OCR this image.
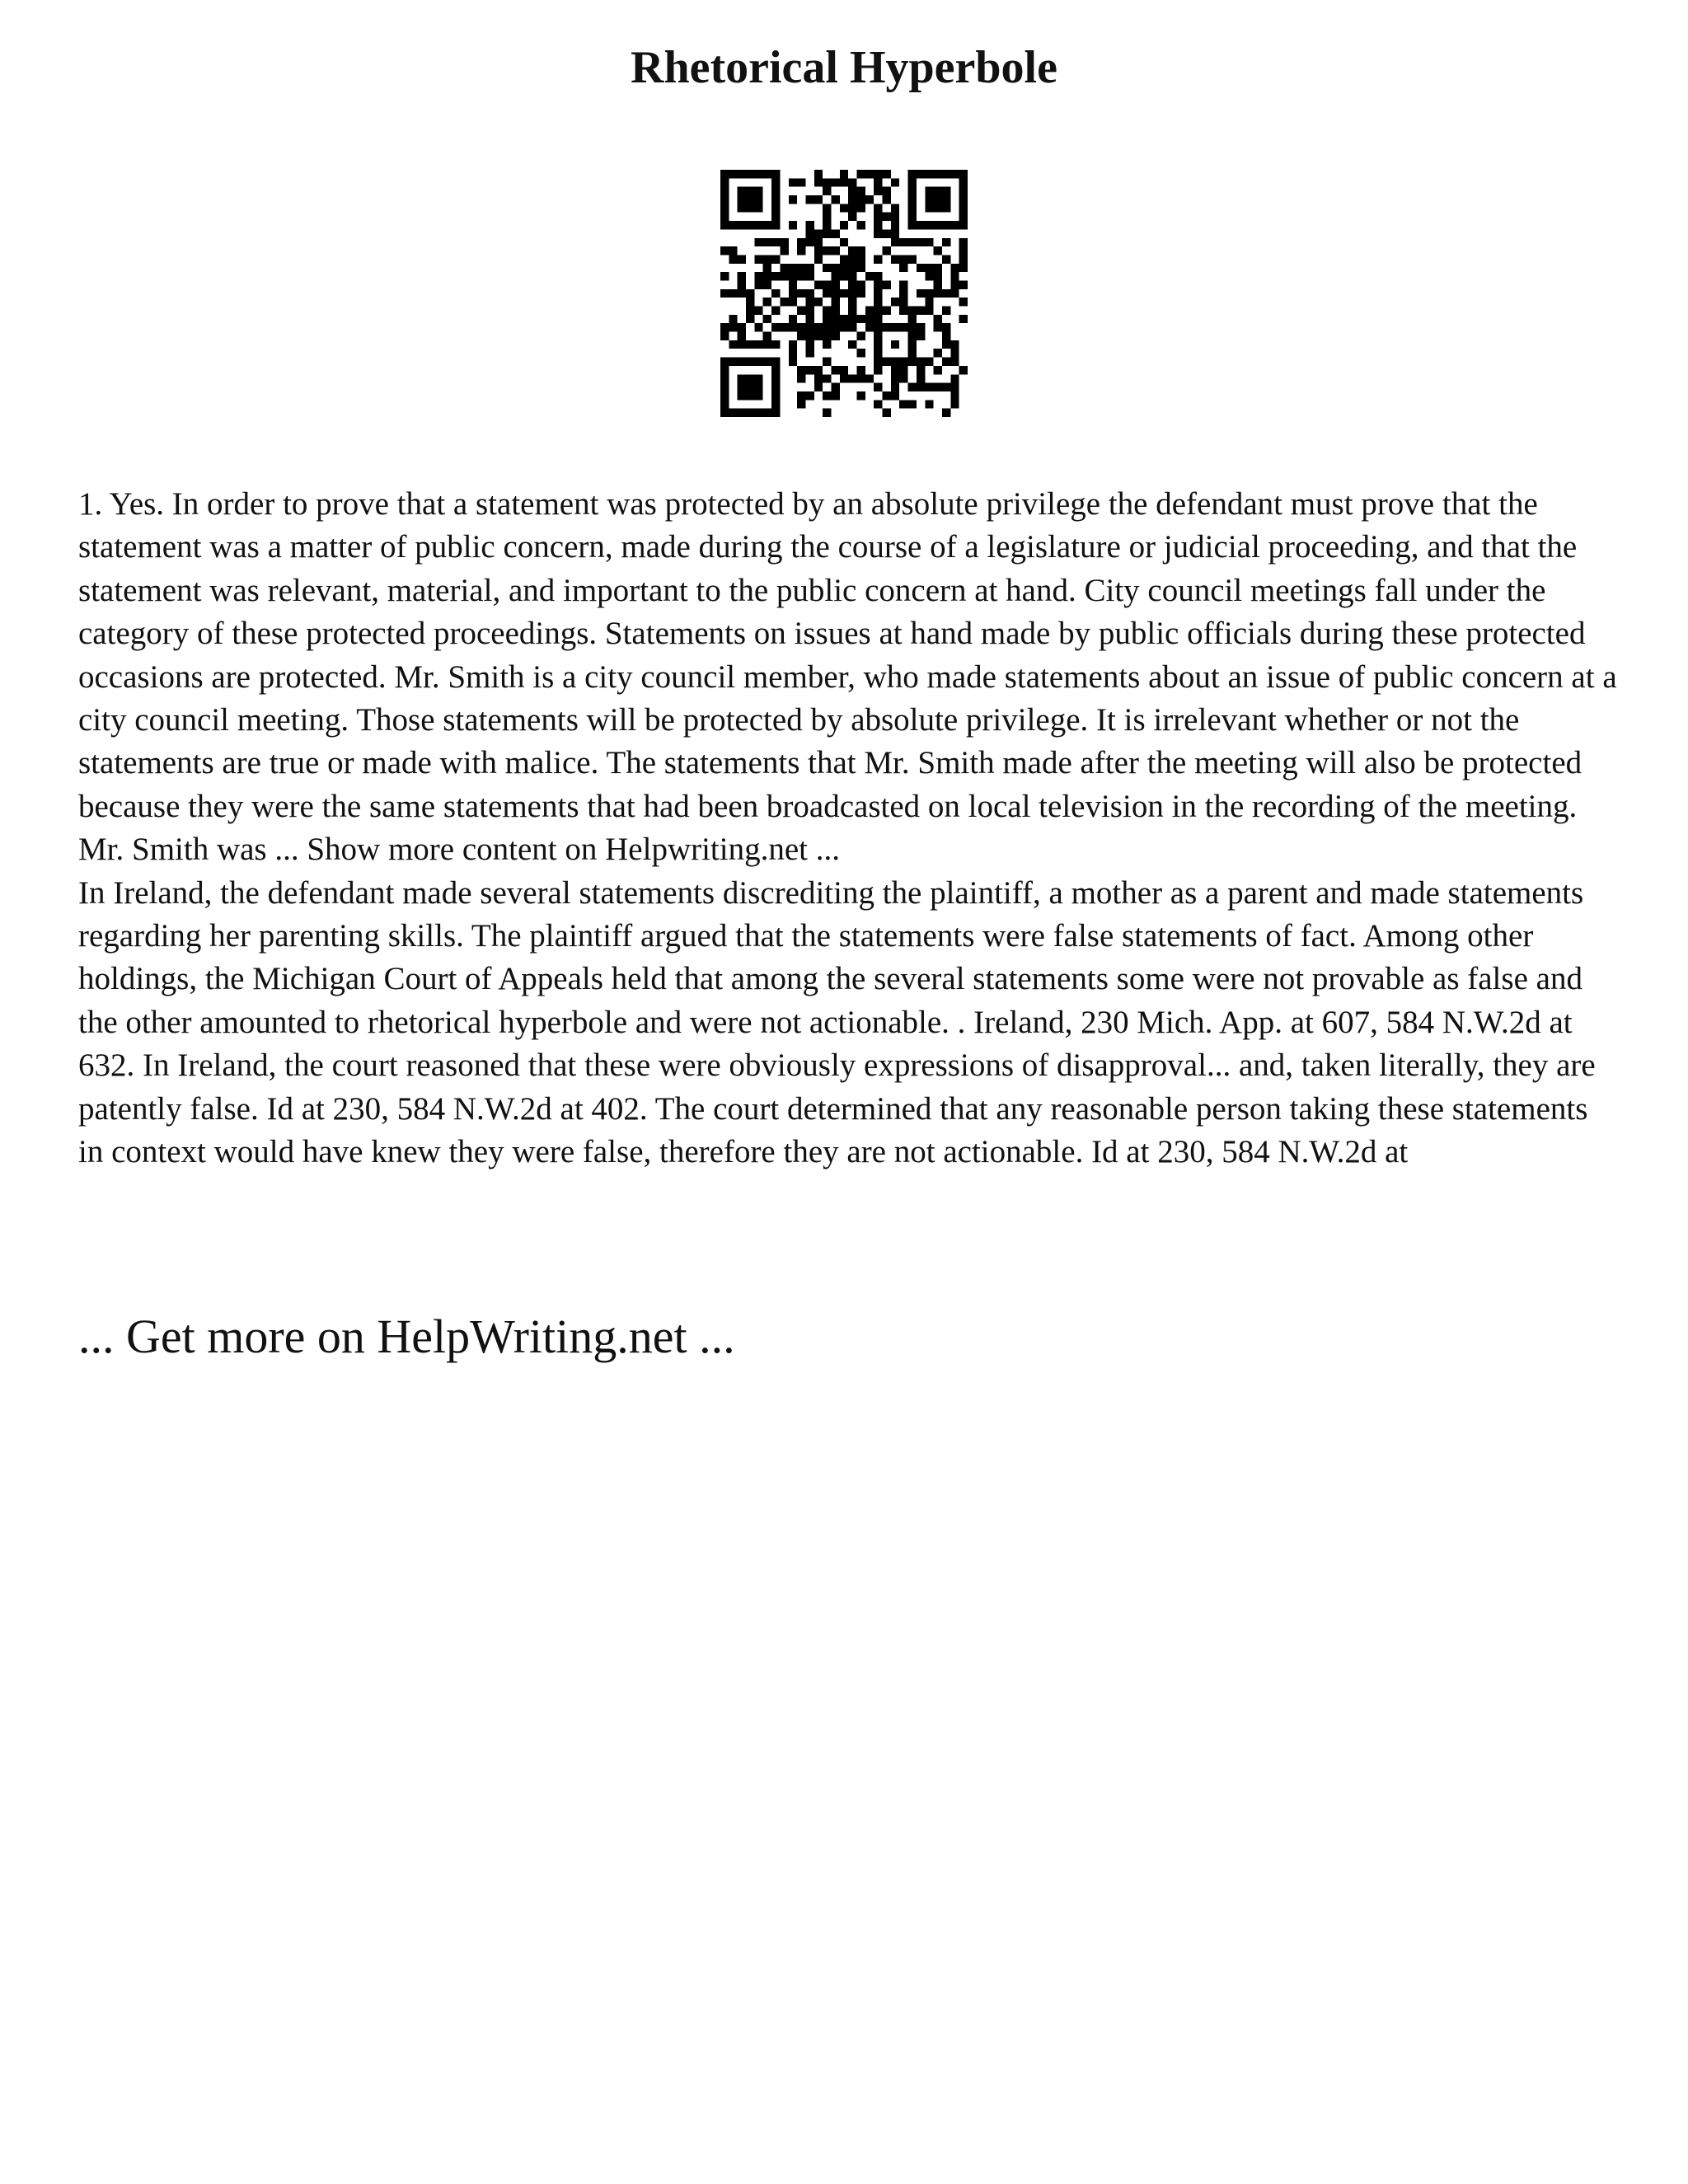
Rhetorical Hyperbole

1. Yes. In order to prove that a statement was protected by an absolute privilege the defendant must prove that the statement was a matter of public concern, made during the course of a legislature or judicial proceeding, and that the statement was relevant, material, and important to the public concern at hand. City council meetings fall under the category of these protected proceedings. Statements on issues at hand made by public officials during these protected occasions are protected. Mr. Smith is a city council member, who made statements about an issue of public concern at a city council meeting. Those statements will be protected by absolute privilege. It is irrelevant whether or not the statements are true or made with malice. The statements that Mr. Smith made after the meeting will also be protected because they were the same statements that had been broadcasted on local television in the recording of the meeting. Mr. Smith was ... Show more content on Helpwriting.net ...
In Ireland, the defendant made several statements discrediting the plaintiff, a mother as a parent and made statements regarding her parenting skills. The plaintiff argued that the statements were false statements of fact. Among other holdings, the Michigan Court of Appeals held that among the several statements some were not provable as false and the other amounted to rhetorical hyperbole and were not actionable. . Ireland, 230 Mich. App. at 607, 584 N.W.2d at 632. In Ireland, the court reasoned that these were obviously expressions of disapproval... and, taken literally, they are patently false. Id at 230, 584 N.W.2d at 402. The court determined that any reasonable person taking these statements in context would have knew they were false, therefore they are not actionable. Id at 230, 584 N.W.2d at

... Get more on HelpWriting.net ...
